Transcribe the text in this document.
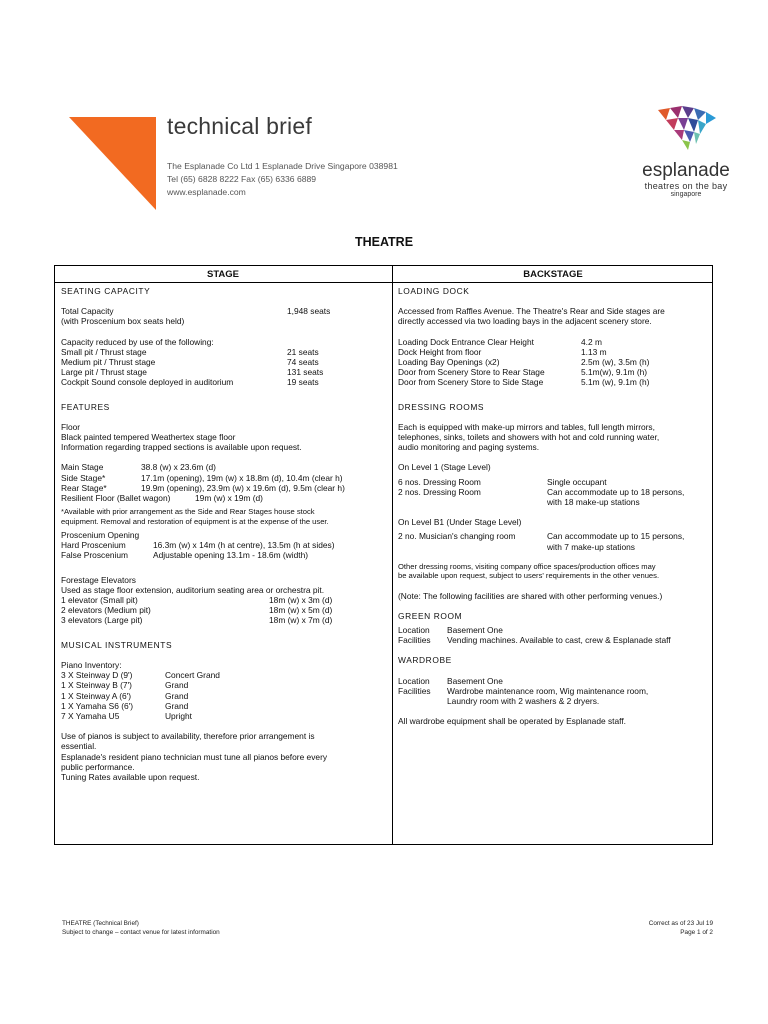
technical brief
The Esplanade Co Ltd 1 Esplanade Drive Singapore 038981
Tel (65) 6828 8222 Fax (65) 6336 6889
www.esplanade.com
esplanade
theatres on the bay
singapore
THEATRE
STAGE	BACKSTAGE
SEATING CAPACITY
Total Capacity	1,948 seats
(with Proscenium box seats held)
Capacity reduced by use of the following:
Small pit / Thrust stage	21 seats
Medium pit / Thrust stage	74 seats
Large pit / Thrust stage	131 seats
Cockpit Sound console deployed in auditorium	19 seats
FEATURES
Floor
Black painted tempered Weathertex stage floor
Information regarding trapped sections is available upon request.
Main Stage	38.8 (w) x 23.6m (d)
Side Stage*	17.1m (opening), 19m (w) x 18.8m (d), 10.4m (clear h)
Rear Stage*	19.9m (opening), 23.9m (w) x 19.6m (d), 9.5m (clear h)
Resilient Floor (Ballet wagon)	19m (w) x 19m (d)
*Available with prior arrangement as the Side and Rear Stages house stock
equipment. Removal and restoration of equipment is at the expense of the user.
Proscenium Opening
Hard Proscenium	16.3m (w) x 14m (h at centre), 13.5m (h at sides)
False Proscenium	Adjustable opening 13.1m - 18.6m (width)
Forestage Elevators
Used as stage floor extension, auditorium seating area or orchestra pit.
1 elevator (Small pit)	18m (w) x 3m (d)
2 elevators (Medium pit)	18m (w) x 5m (d)
3 elevators (Large pit)	18m (w) x 7m (d)
MUSICAL INSTRUMENTS
Piano Inventory:
3 X Steinway D (9')	Concert Grand
1 X Steinway B (7')	Grand
1 X Steinway A (6')	Grand
1 X Yamaha S6 (6')	Grand
7 X Yamaha U5	Upright
Use of pianos is subject to availability, therefore prior arrangement is
essential.
Esplanade's resident piano technician must tune all pianos before every
public performance.
Tuning Rates available upon request.
LOADING DOCK
Accessed from Raffles Avenue. The Theatre's Rear and Side stages are
directly accessed via two loading bays in the adjacent scenery store.
Loading Dock Entrance Clear Height	4.2 m
Dock Height from floor	1.13 m
Loading Bay Openings (x2)	2.5m (w), 3.5m (h)
Door from Scenery Store to Rear Stage	5.1m(w), 9.1m (h)
Door from Scenery Store to Side Stage	5.1m (w), 9.1m (h)
DRESSING ROOMS
Each is equipped with make-up mirrors and tables, full length mirrors,
telephones, sinks, toilets and showers with hot and cold running water,
audio monitoring and paging systems.
On Level 1 (Stage Level)
6 nos. Dressing Room	Single occupant
2 nos. Dressing Room	Can accommodate up to 18 persons,
with 18 make-up stations
On Level B1 (Under Stage Level)
2 no. Musician's changing room	Can accommodate up to 15 persons,
with 7 make-up stations
Other dressing rooms, visiting company office spaces/production offices may
be available upon request, subject to users' requirements in the other venues.
(Note: The following facilities are shared with other performing venues.)
GREEN ROOM
Location	Basement One
Facilities	Vending machines. Available to cast, crew & Esplanade staff
WARDROBE
Location	Basement One
Facilities	Wardrobe maintenance room, Wig maintenance room,
Laundry room with 2 washers & 2 dryers.
All wardrobe equipment shall be operated by Esplanade staff.
THEATRE (Technical Brief)
Subject to change – contact venue for latest information
Correct as of 23 Jul 19
Page 1 of 2
